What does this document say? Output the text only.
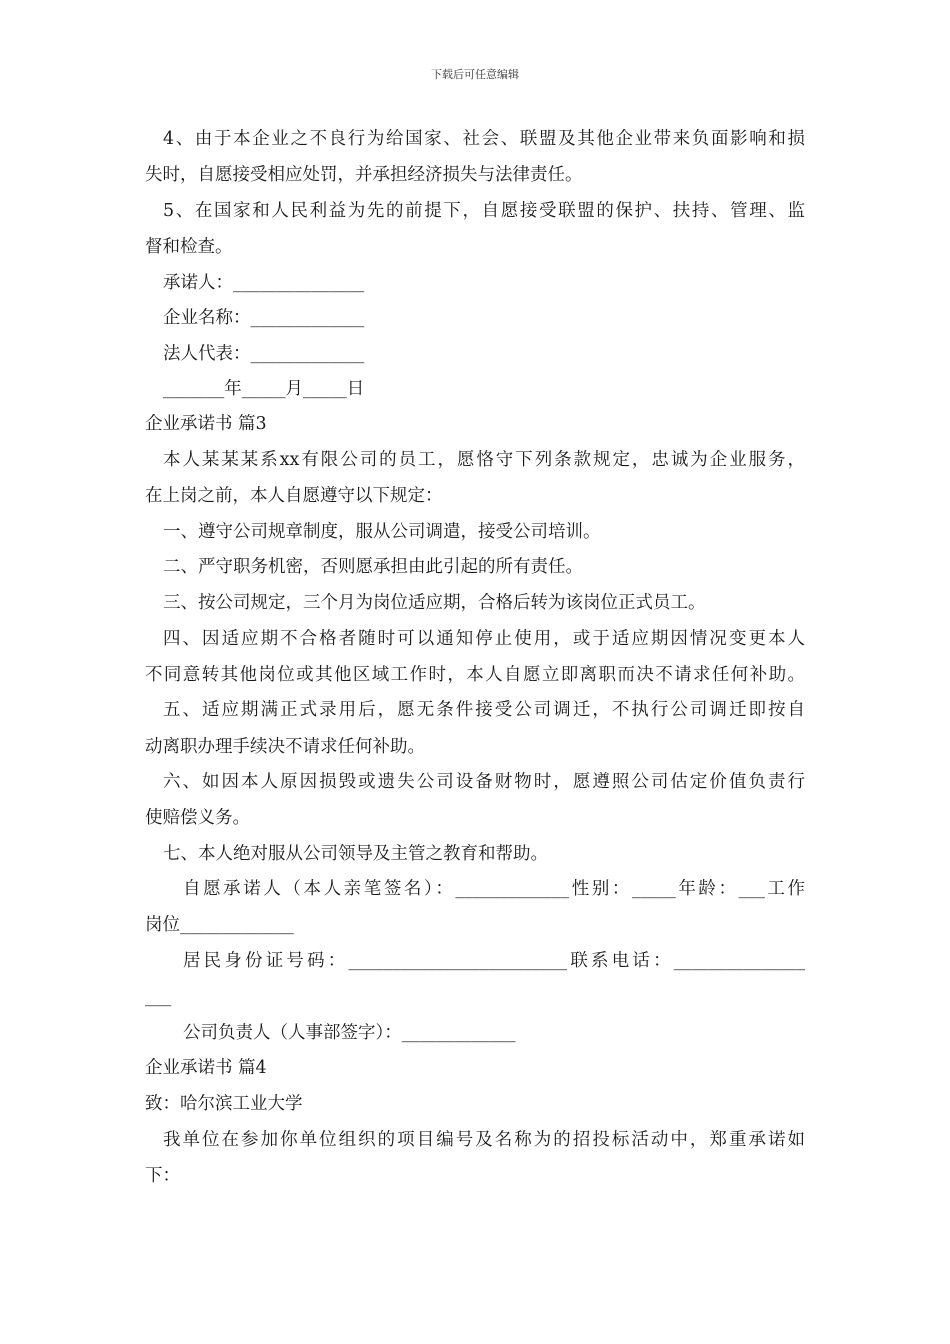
下载后可任意编辑
4、由于本企业之不良行为给国家、社会、联盟及其他企业带来负面影响和损
失时，自愿接受相应处罚，并承担经济损失与法律责任。
5、在国家和人民利益为先的前提下，自愿接受联盟的保护、扶持、管理、监
督和检查。
承诺人：_______________
企业名称：_____________
法人代表：_____________
_______年_____月_____日
企业承诺书 篇3
本人某某某系xx有限公司的员工，愿恪守下列条款规定，忠诚为企业服务，
在上岗之前，本人自愿遵守以下规定：
一、遵守公司规章制度，服从公司调遣，接受公司培训。
二、严守职务机密，否则愿承担由此引起的所有责任。
三、按公司规定，三个月为岗位适应期，合格后转为该岗位正式员工。
四、因适应期不合格者随时可以通知停止使用，或于适应期因情况变更本人
不同意转其他岗位或其他区域工作时，本人自愿立即离职而决不请求任何补助。
五、适应期满正式录用后，愿无条件接受公司调迁，不执行公司调迁即按自
动离职办理手续决不请求任何补助。
六、如因本人原因损毁或遗失公司设备财物时，愿遵照公司估定价值负责行
使赔偿义务。
七、本人绝对服从公司领导及主管之教育和帮助。
自愿承诺人（本人亲笔签名）：_____________性别：_____年龄：___工作
岗位_____________
居民身份证号码：_________________________联系电话：_______________
___
公司负责人（人事部签字）：_____________
企业承诺书 篇4
致：哈尔滨工业大学
我单位在参加你单位组织的项目编号及名称为的招投标活动中，郑重承诺如
下：
